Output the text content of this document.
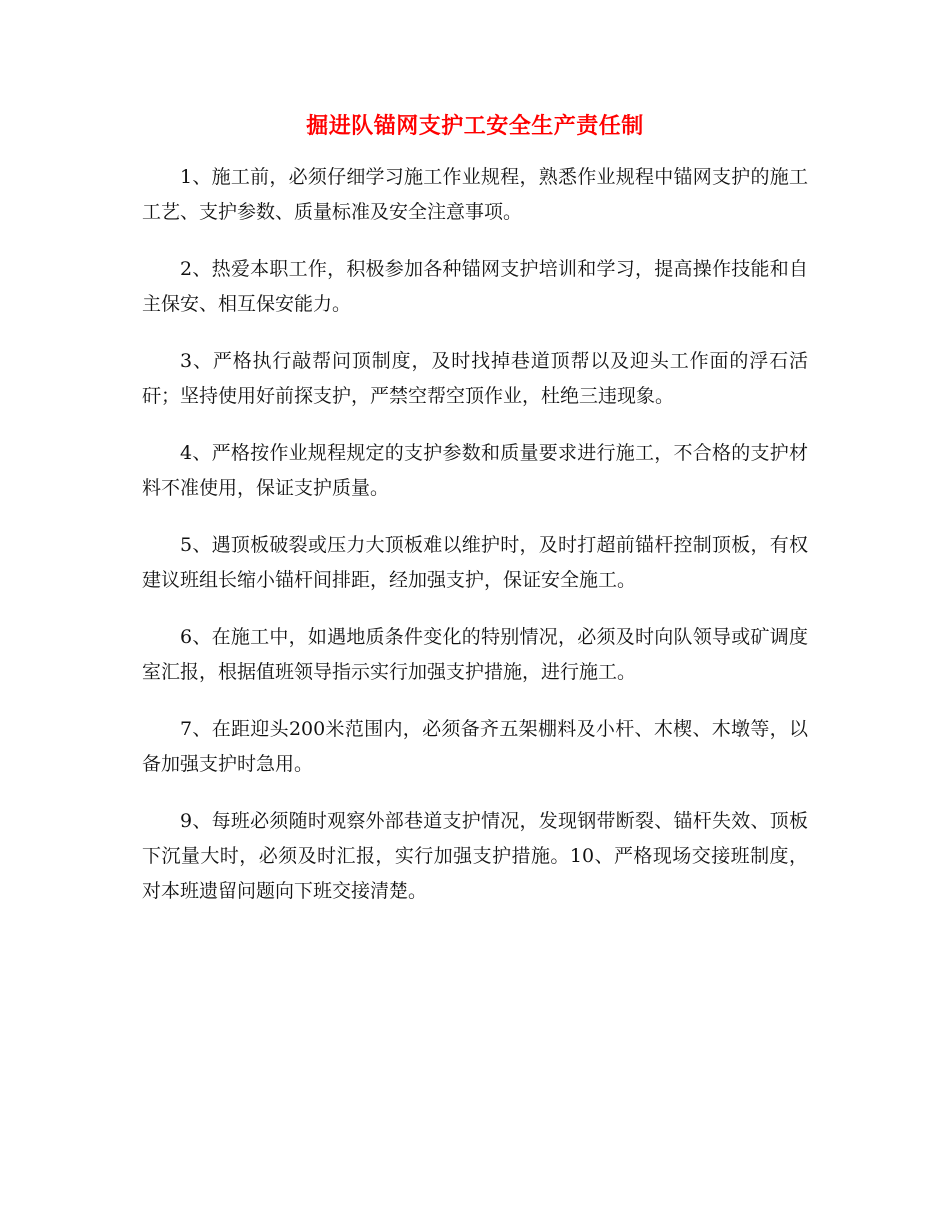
掘进队锚网支护工安全生产责任制

1、施工前，必须仔细学习施工作业规程，熟悉作业规程中锚网支护的施工工艺、支护参数、质量标准及安全注意事项。

2、热爱本职工作，积极参加各种锚网支护培训和学习，提高操作技能和自主保安、相互保安能力。

3、严格执行敲帮问顶制度，及时找掉巷道顶帮以及迎头工作面的浮石活矸；坚持使用好前探支护，严禁空帮空顶作业，杜绝三违现象。

4、严格按作业规程规定的支护参数和质量要求进行施工，不合格的支护材料不准使用，保证支护质量。

5、遇顶板破裂或压力大顶板难以维护时，及时打超前锚杆控制顶板，有权建议班组长缩小锚杆间排距，经加强支护，保证安全施工。

6、在施工中，如遇地质条件变化的特别情况，必须及时向队领导或矿调度室汇报，根据值班领导指示实行加强支护措施，进行施工。

7、在距迎头200米范围内，必须备齐五架棚料及小杆、木楔、木墩等，以备加强支护时急用。

9、每班必须随时观察外部巷道支护情况，发现钢带断裂、锚杆失效、顶板下沉量大时，必须及时汇报，实行加强支护措施。10、严格现场交接班制度，对本班遗留问题向下班交接清楚。
